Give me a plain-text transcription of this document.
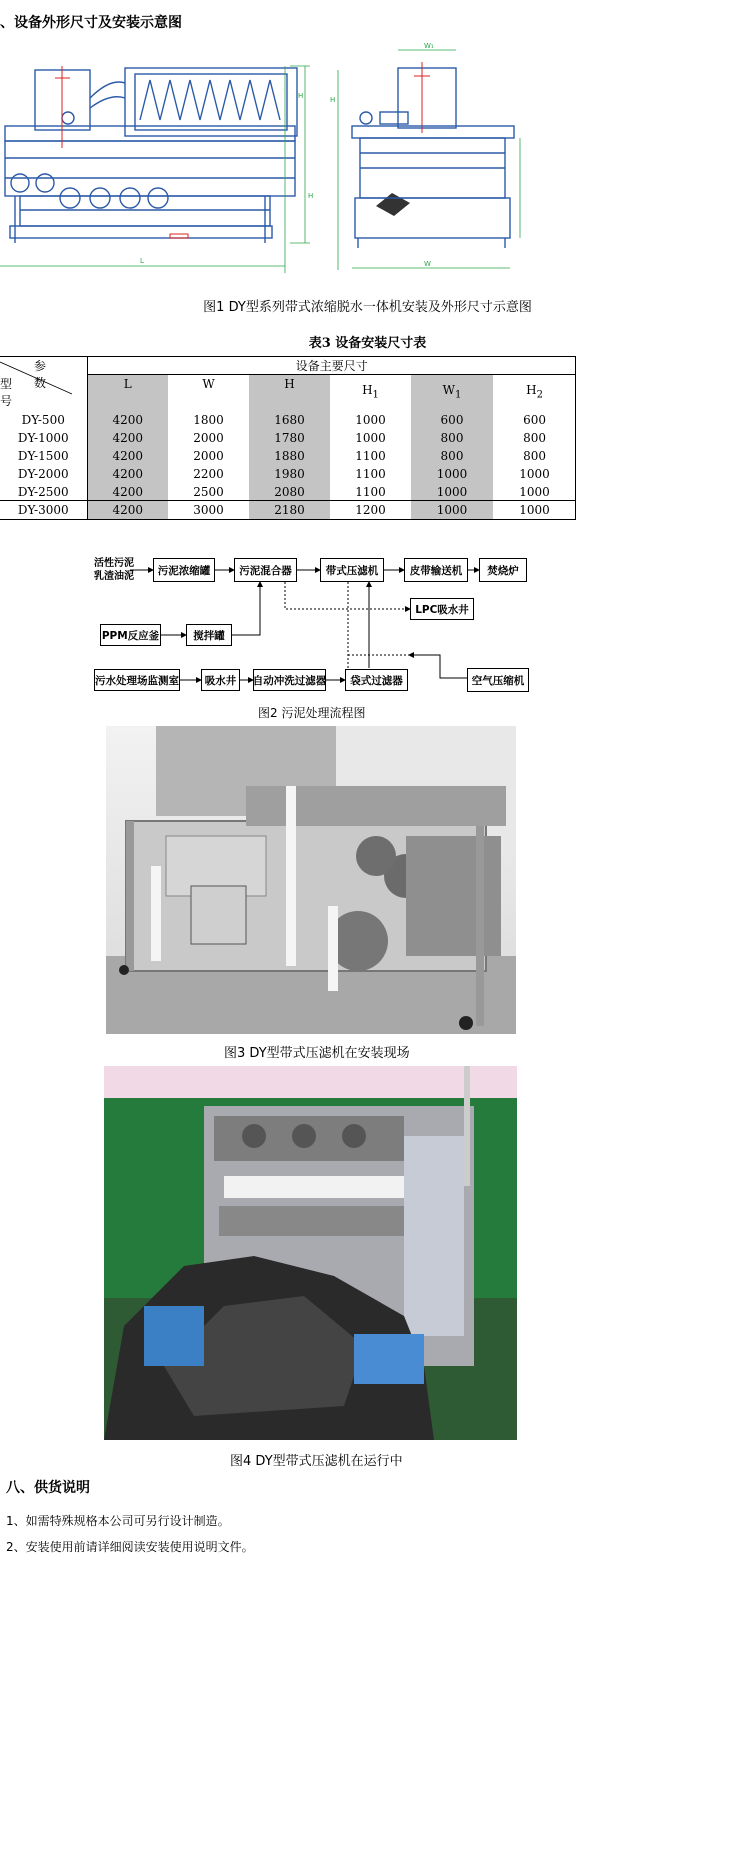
、设备外形尺寸及安装示意图
L
H
H
W₁
W
H
图1 DY型系列带式浓缩脱水一体机安装及外形尺寸示意图
表3 设备安装尺寸表
参数
型号
	设备主要尺寸					
	L	W	H	$H_1$	$W_1$	$H_2$

DY-500	4200	1800	1680	1000	600	600
DY-1000	4200	2000	1780	1000	800	800
DY-1500	4200	2000	1880	1100	800	800
DY-2000	4200	2200	1980	1100	1000	1000
DY-2500	4200	2500	2080	1100	1000	1000
DY-3000	4200	3000	2180	1200	1000	1000
活性污泥
乳渣油泥	污泥浓缩罐	污泥混合器	带式压滤机	皮带输送机	焚烧炉
LPC吸水井
PPM反应釜	搅拌罐
污水处理场监测室	吸水井	自动冲洗过滤器	袋式过滤器	空气压缩机
图2 污泥处理流程图
图3 DY型带式压滤机在安装现场
图4 DY型带式压滤机在运行中
八、供货说明
1、如需特殊规格本公司可另行设计制造。
2、安装使用前请详细阅读安装使用说明文件。
